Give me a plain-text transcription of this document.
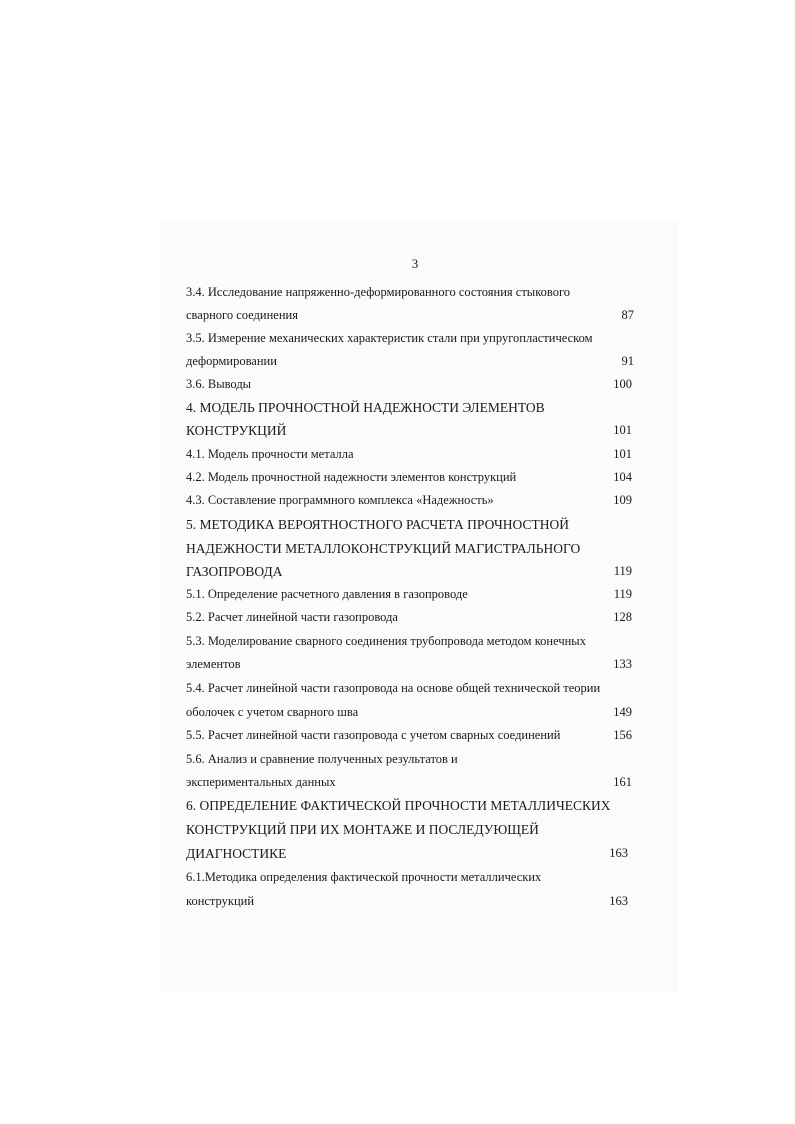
3
3.4. Исследование напряженно-деформированного состояния стыкового
сварного соединения	87
3.5. Измерение механических характеристик стали при упругопластическом
деформировании	91
3.6. Выводы	100
4. МОДЕЛЬ ПРОЧНОСТНОЙ НАДЕЖНОСТИ ЭЛЕМЕНТОВ
КОНСТРУКЦИЙ	101
4.1. Модель прочности металла	101
4.2. Модель прочностной надежности элементов конструкций	104
4.3. Составление программного комплекса «Надежность»	109
5. МЕТОДИКА ВЕРОЯТНОСТНОГО РАСЧЕТА ПРОЧНОСТНОЙ
НАДЕЖНОСТИ МЕТАЛЛОКОНСТРУКЦИЙ МАГИСТРАЛЬНОГО
ГАЗОПРОВОДА	119
5.1. Определение расчетного давления в газопроводе	119
5.2. Расчет линейной части газопровода	128
5.3. Моделирование сварного соединения трубопровода методом конечных
элементов	133
5.4. Расчет линейной части газопровода на основе общей технической теории
оболочек с учетом сварного шва	149
5.5. Расчет линейной части газопровода с учетом сварных соединений	156
5.6. Анализ и сравнение полученных результатов и
экспериментальных данных	161
6. ОПРЕДЕЛЕНИЕ ФАКТИЧЕСКОЙ ПРОЧНОСТИ МЕТАЛЛИЧЕСКИХ
КОНСТРУКЦИЙ ПРИ ИХ МОНТАЖЕ И ПОСЛЕДУЮЩЕЙ
ДИАГНОСТИКЕ	163
6.1.Методика определения фактической прочности металлических
конструкций	163
